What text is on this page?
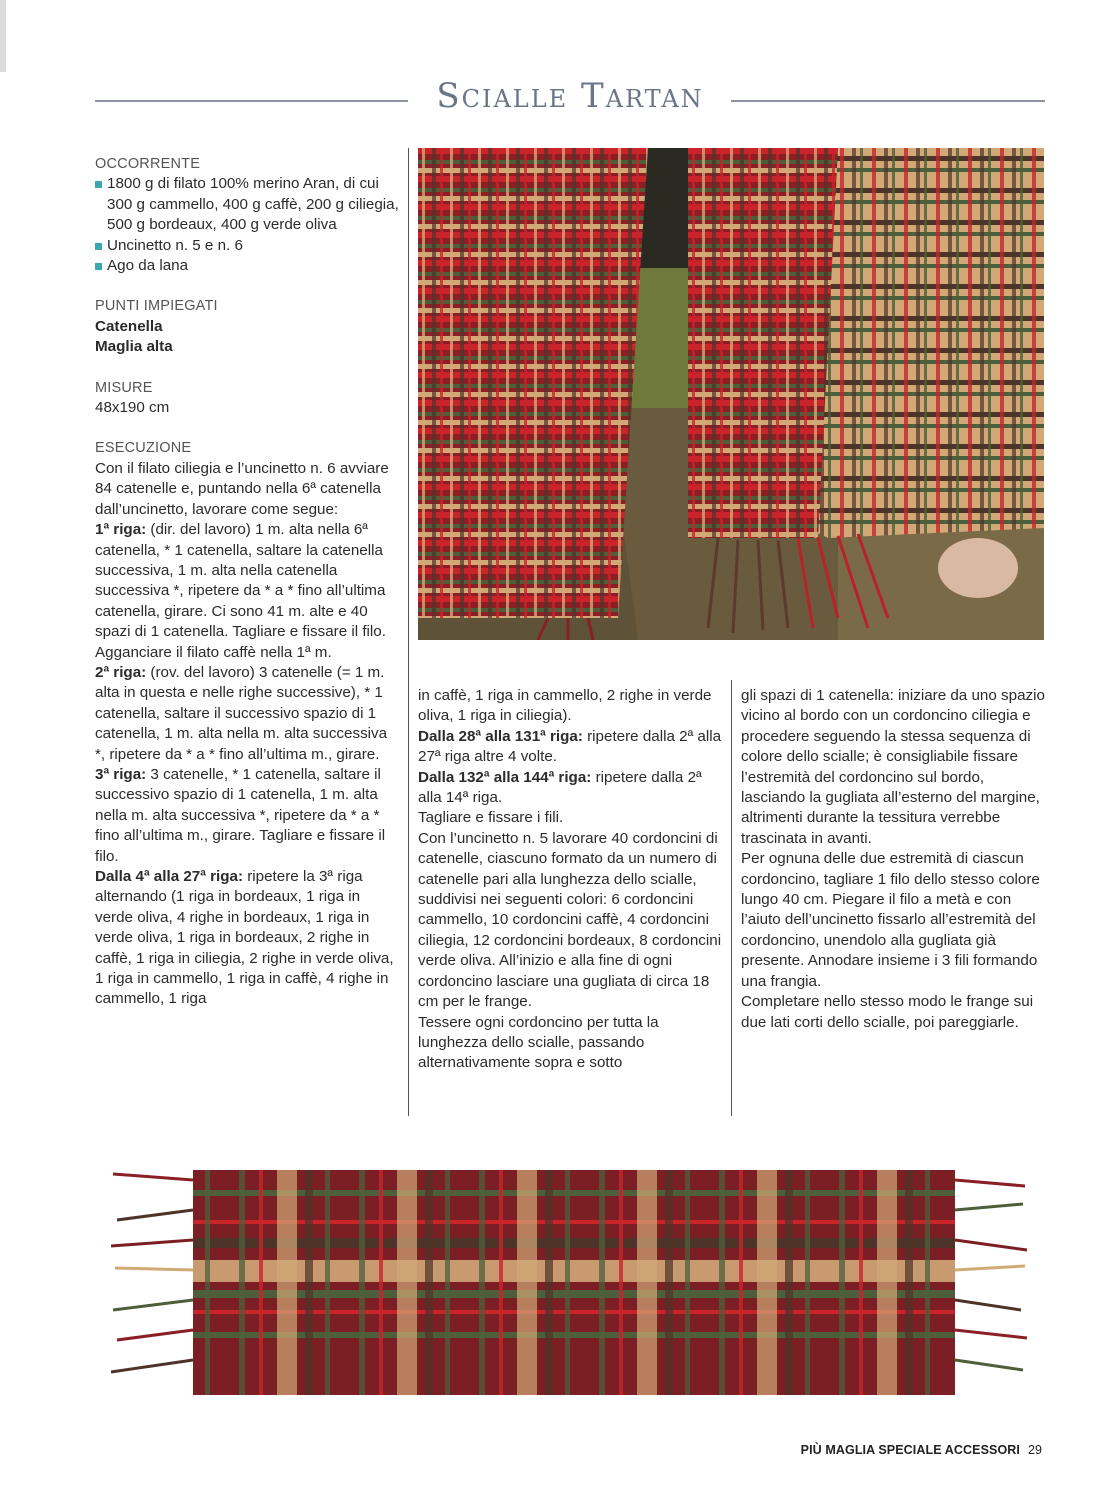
Scialle Tartan
OCCORRENTE
1800 g di filato 100% merino Aran, di cui 300 g cammello, 400 g caffè, 200 g ciliegia, 500 g bordeaux, 400 g verde oliva
Uncinetto n. 5 e n. 6
Ago da lana
PUNTI IMPIEGATI
Catenella
Maglia alta
MISURE
48x190 cm
ESECUZIONE

Con il filato ciliegia e l’uncinetto n. 6 avviare 84 catenelle e, puntando nella 6ª catenella dall’uncinetto, lavorare come segue:

1ª riga: (dir. del lavoro) 1 m. alta nella 6ª catenella, * 1 catenella, saltare la catenella successiva, 1 m. alta nella catenella successiva *, ripetere da * a * fino all’ultima catenella, girare. Ci sono 41 m. alte e 40 spazi di 1 catenella. Tagliare e fissare il filo. Agganciare il filato caffè nella 1ª m.

2ª riga: (rov. del lavoro) 3 catenelle (= 1 m. alta in questa e nelle righe successive), * 1 catenella, saltare il successivo spazio di 1 catenella, 1 m. alta nella m. alta successiva *, ripetere da * a * fino all’ultima m., girare.

3ª riga: 3 catenelle, * 1 catenella, saltare il successivo spazio di 1 catenella, 1 m. alta nella m. alta successiva *, ripetere da * a * fino all’ultima m., girare. Tagliare e fissare il filo.

Dalla 4ª alla 27ª riga: ripetere la 3ª riga alternando (1 riga in bordeaux, 1 riga in verde oliva, 4 righe in bordeaux, 1 riga in verde oliva, 1 riga in bordeaux, 2 righe in caffè, 1 riga in ciliegia, 2 righe in verde oliva, 1 riga in cammello, 1 riga in caffè, 4 righe in cammello, 1 riga

in caffè, 1 riga in cammello, 2 righe in verde oliva, 1 riga in ciliegia).

Dalla 28ª alla 131ª riga: ripetere dalla 2ª alla 27ª riga altre 4 volte.

Dalla 132ª alla 144ª riga: ripetere dalla 2ª alla 14ª riga.

Tagliare e fissare i fili.

Con l’uncinetto n. 5 lavorare 40 cordoncini di catenelle, ciascuno formato da un numero di catenelle pari alla lunghezza dello scialle, suddivisi nei seguenti colori: 6 cordoncini cammello, 10 cordoncini caffè, 4 cordoncini ciliegia, 12 cordoncini bordeaux, 8 cordoncini verde oliva. All’inizio e alla fine di ogni cordoncino lasciare una gugliata di circa 18 cm per le frange.

Tessere ogni cordoncino per tutta la lunghezza dello scialle, passando alternativamente sopra e sotto

gli spazi di 1 catenella: iniziare da uno spazio vicino al bordo con un cordoncino ciliegia e procedere seguendo la stessa sequenza di colore dello scialle; è consigliabile fissare l’estremità del cordoncino sul bordo, lasciando la gugliata all’esterno del margine, altrimenti durante la tessitura verrebbe trascinata in avanti.

Per ognuna delle due estremità di ciascun cordoncino, tagliare 1 filo dello stesso colore lungo 40 cm. Piegare il filo a metà e con l’aiuto dell’uncinetto fissarlo all’estremità del cordoncino, unendolo alla gugliata già presente. Annodare insieme i 3 fili formando una frangia.

Completare nello stesso modo le frange sui due lati corti dello scialle, poi pareggiarle.

PIÙ MAGLIA SPECIALE ACCESSORI 29
